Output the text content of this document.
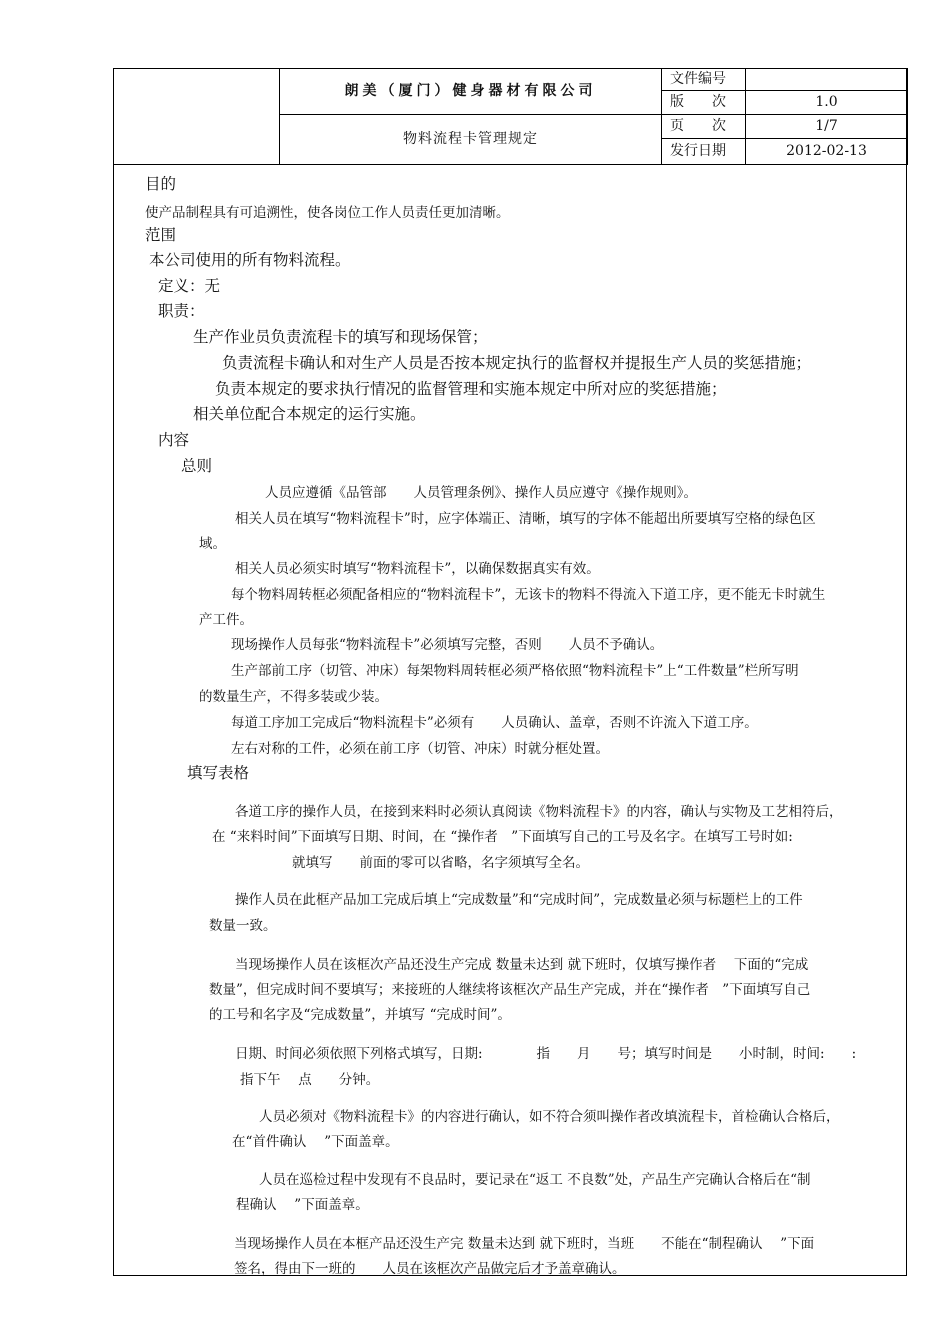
	朗美（厦门）健身器材有限公司	文件编号	
		版　　次	1.0
	物料流程卡管理规定	页　　次	1/7
		发行日期	2012-02-13
目的
使产品制程具有可追溯性，使各岗位工作人员责任更加清晰。
范围
本公司使用的所有物料流程。
定义：无
职责：
生产作业员负责流程卡的填写和现场保管；
负责流程卡确认和对生产人员是否按本规定执行的监督权并提报生产人员的奖惩措施；
负责本规定的要求执行情况的监督管理和实施本规定中所对应的奖惩措施；
相关单位配合本规定的运行实施。
内容
总则
人员应遵循《品管部　　人员管理条例》、操作人员应遵守《操作规则》。
相关人员在填写“物料流程卡”时，应字体端正、清晰，填写的字体不能超出所要填写空格的绿色区
域。
相关人员必须实时填写“物料流程卡”，以确保数据真实有效。
每个物料周转框必须配备相应的“物料流程卡”，无该卡的物料不得流入下道工序，更不能无卡时就生
产工件。
现场操作人员每张“物料流程卡”必须填写完整，否则　　人员不予确认。
生产部前工序（切管、冲床）每架物料周转框必须严格依照“物料流程卡”上“工件数量”栏所写明
的数量生产，不得多装或少装。
每道工序加工完成后“物料流程卡”必须有　　人员确认、盖章，否则不许流入下道工序。
左右对称的工件，必须在前工序（切管、冲床）时就分框处置。
填写表格
各道工序的操作人员，在接到来料时必须认真阅读《物料流程卡》的内容，确认与实物及工艺相符后，
在 “来料时间”下面填写日期、时间，在 “操作者　”下面填写自己的工号及名字。在填写工号时如:
就填写　　前面的零可以省略，名字须填写全名。
操作人员在此框产品加工完成后填上“完成数量”和“完成时间”，完成数量必须与标题栏上的工件
数量一致。
当现场操作人员在该框次产品还没生产完成 数量未达到 就下班时，仅填写操作者　 下面的“完成
数量”，但完成时间不要填写；来接班的人继续将该框次产品生产完成，并在“操作者　”下面填写自己
的工号和名字及“完成数量”，并填写 “完成时间”。
日期、时间必须依照下列格式填写，日期:　　　　指　　月　　号；填写时间是　　小时制，时间:　　:
指下午　 点　　分钟。
人员必须对《物料流程卡》的内容进行确认，如不符合须叫操作者改填流程卡，首检确认合格后，
在“首件确认　 ”下面盖章。
人员在巡检过程中发现有不良品时，要记录在“返工 不良数”处，产品生产完确认合格后在“制
程确认　 ”下面盖章。
当现场操作人员在本框产品还没生产完 数量未达到 就下班时，当班　　不能在“制程确认　 ”下面
签名，得由下一班的　　人员在该框次产品做完后才予盖章确认。
